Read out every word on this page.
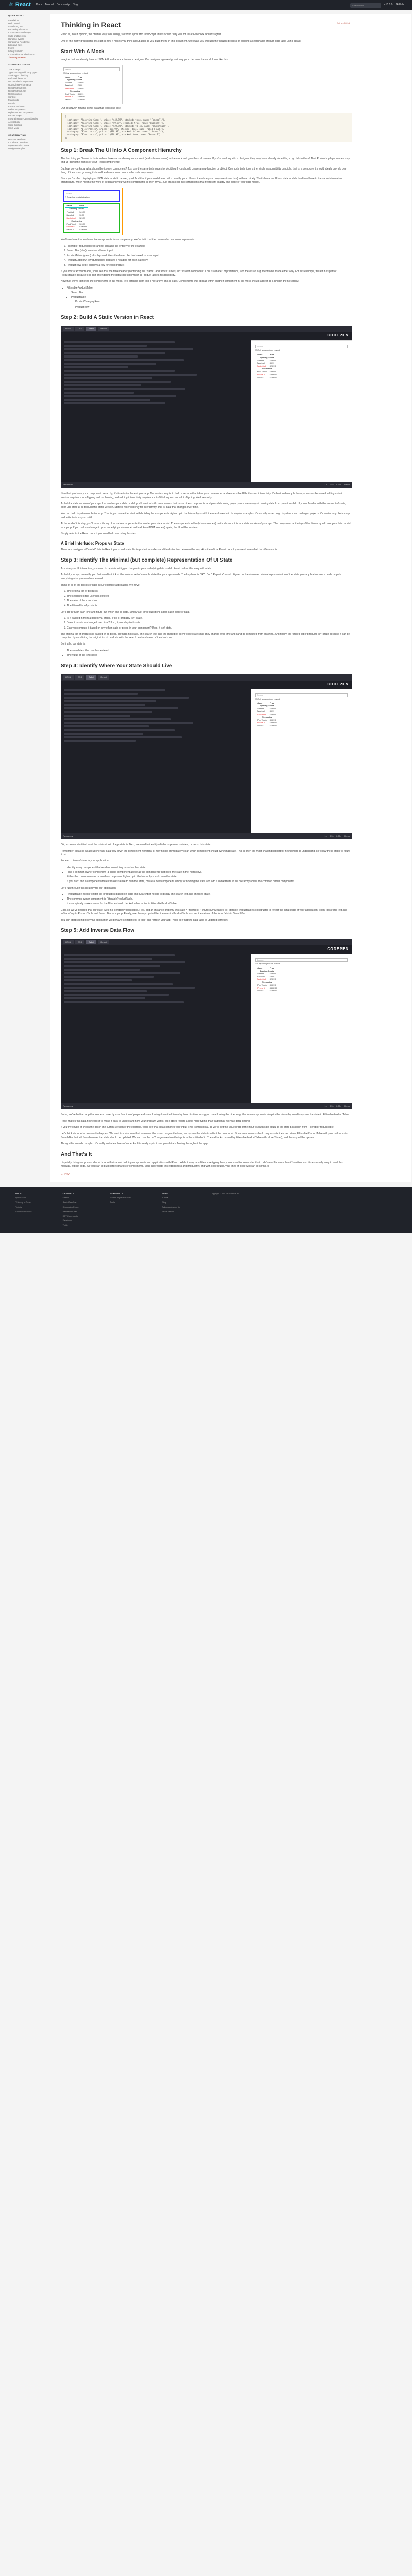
⚛ React Docs Tutorial Community Blog	Search docs	v16.0.0 GitHub
QUICK START
Installation
Hello World
Introducing JSX
Rendering Elements
Components and Props
State and Lifecycle
Handling Events
Conditional Rendering
Lists and Keys
Forms
Lifting State Up
Composition vs Inheritance
Thinking In React
ADVANCED GUIDES
JSX In Depth
Typechecking With PropTypes
Static Type Checking
Refs and the DOM
Uncontrolled Components
Optimizing Performance
React Without ES6
React Without JSX
Reconciliation
Context
Fragments
Portals
Error Boundaries
Web Components
Higher-Order Components
Render Props
Integrating with Other Libraries
Accessibility
Code-Splitting
Strict Mode
CONTRIBUTING
How to Contribute
Codebase Overview
Implementation Notes
Design Principles
Thinking in React	Edit on GitHub

React is, in our opinion, the premier way to build big, fast Web apps with JavaScript. It has scaled very well for us at Facebook and Instagram.

One of the many great parts of React is how it makes you think about apps as you build them. In this document, we'll walk you through the thought process of building a searchable product data table using React.

Start With A Mock

Imagine that we already have a JSON API and a mock from our designer. Our designer apparently isn't very good because the mock looks like this:

Search...
☐ Only show products in stock
Name	Price
Sporting Goods	
Football	$49.99
Baseball	$9.99
Basketball	$29.99
Electronics	
iPod Touch	$99.99
iPhone 5	$399.99
Nexus 7	$199.99

Our JSON API returns some data that looks like this:

[
{category: "Sporting Goods", price: "$49.99", stocked: true, name: "Football"},
{category: "Sporting Goods", price: "$9.99", stocked: true, name: "Baseball"},
{category: "Sporting Goods", price: "$29.99", stocked: false, name: "Basketball"},
{category: "Electronics", price: "$99.99", stocked: true, name: "iPod Touch"},
{category: "Electronics", price: "$399.99", stocked: false, name: "iPhone 5"},
{category: "Electronics", price: "$199.99", stocked: true, name: "Nexus 7"}
];
Step 1: Break The UI Into A Component Hierarchy

The first thing you'll want to do is to draw boxes around every component (and subcomponent) in the mock and give them all names. If you're working with a designer, they may have already done this, so go talk to them! Their Photoshop layer names may end up being the names of your React components!

But how do you know what should be its own component? Just use the same techniques for deciding if you should create a new function or object. One such technique is the single responsibility principle, that is, a component should ideally only do one thing. If it ends up growing, it should be decomposed into smaller subcomponents.

Since you're often displaying a JSON data model to a user, you'll find that if your model was built correctly, your UI (and therefore your component structure) will map nicely. That's because UI and data models tend to adhere to the same information architecture, which means the work of separating your UI into components is often trivial. Just break it up into components that represent exactly one piece of your data model.

Search...
☐ Only show products in stock
Name	Price
Sporting Goods	
Football	$49.99
Baseball	$9.99
Basketball	$29.99
Electronics	
iPod Touch	$99.99
iPhone 5	$399.99
Nexus 7	$199.99

You'll see here that we have five components in our simple app. We've italicized the data each component represents.

1. FilterableProductTable (orange): contains the entirety of the example
2. SearchBar (blue): receives all user input
3. ProductTable (green): displays and filters the data collection based on user input
4. ProductCategoryRow (turquoise): displays a heading for each category
5. ProductRow (red): displays a row for each product

If you look at ProductTable, you'll see that the table header (containing the "Name" and "Price" labels) isn't its own component. This is a matter of preference, and there's an argument to be made either way. For this example, we left it as part of ProductTable because it is part of rendering the data collection which is ProductTable's responsibility.

Now that we've identified the components in our mock, let's arrange them into a hierarchy. This is easy. Components that appear within another component in the mock should appear as a child in the hierarchy:

• FilterableProductTable
• SearchBar
• ProductTable
• ProductCategoryRow
• ProductRow
Step 2: Build A Static Version in React
HTML	CSS	Babel	Result

CODEPEN
Search...
☐ Only show products in stock
Name	Price
Sporting Goods	
Football	$49.99
Baseball	$9.99
Basketball	$29.99
Electronics	
iPod Touch	$99.99
iPhone 5	$399.99
Nexus 7	$199.99
Resources	1× 0.5× 0.25× Rerun

Now that you have your component hierarchy, it's time to implement your app. The easiest way is to build a version that takes your data model and renders the UI but has no interactivity. It's best to decouple these processes because building a static version requires a lot of typing and no thinking, and adding interactivity requires a lot of thinking and not a lot of typing. We'll see why.

To build a static version of your app that renders your data model, you'll want to build components that reuse other components and pass data using props. props are a way of passing data from parent to child. If you're familiar with the concept of state, don't use state at all to build this static version. State is reserved only for interactivity, that is, data that changes over time.

You can build top-down or bottom-up. That is, you can either start with building the components higher up in the hierarchy or with the ones lower in it. In simpler examples, it's usually easier to go top-down, and on larger projects, it's easier to go bottom-up and write tests as you build.

At the end of this step, you'll have a library of reusable components that render your data model. The components will only have render() methods since this is a static version of your app. The component at the top of the hierarchy will take your data model as a prop. If you make a change to your underlying data model and call ReactDOM.render() again, the UI will be updated.

Simply refer to the React docs if you need help executing this step.

A Brief Interlude: Props vs State

There are two types of "model" data in React: props and state. It's important to understand the distinction between the two; skim the official React docs if you aren't sure what the difference is.

Step 3: Identify The Minimal (but complete) Representation Of UI State

To make your UI interactive, you need to be able to trigger changes to your underlying data model. React makes this easy with state.

To build your app correctly, you first need to think of the minimal set of mutable state that your app needs. The key here is DRY: Don't Repeat Yourself. Figure out the absolute minimal representation of the state your application needs and compute everything else you need on-demand.

Think of all of the pieces of data in our example application. We have:

1. The original list of products
2. The search text the user has entered
3. The value of the checkbox
4. The filtered list of products

Let's go through each one and figure out which one is state. Simply ask three questions about each piece of data:

1. Is it passed in from a parent via props? If so, it probably isn't state.
2. Does it remain unchanged over time? If so, it probably isn't state.
3. Can you compute it based on any other state or props in your component? If so, it isn't state.

The original list of products is passed in as props, so that's not state. The search text and the checkbox seem to be state since they change over time and can't be computed from anything. And finally, the filtered list of products isn't state because it can be computed by combining the original list of products with the search text and value of the checkbox.

So finally, our state is:

• The search text the user has entered
• The value of the checkbox
Step 4: Identify Where Your State Should Live
HTML	CSS	Babel	Result

CODEPEN
Search...
☐ Only show products in stock
Name	Price
Sporting Goods	
Football	$49.99
Baseball	$9.99
Basketball	$29.99
Electronics	
iPod Touch	$99.99
iPhone 5	$399.99
Nexus 7	$199.99
Resources	1× 0.5× 0.25× Rerun

OK, so we've identified what the minimal set of app state is. Next, we need to identify which component mutates, or owns, this state.

Remember: React is all about one-way data flow down the component hierarchy. It may not be immediately clear which component should own what state. This is often the most challenging part for newcomers to understand, so follow these steps to figure it out:

For each piece of state in your application:

• Identify every component that renders something based on that state.
• Find a common owner component (a single component above all the components that need the state in the hierarchy).
• Either the common owner or another component higher up in the hierarchy should own the state.
• If you can't find a component where it makes sense to own the state, create a new component simply for holding the state and add it somewhere in the hierarchy above the common owner component.

Let's run through this strategy for our application:

• ProductTable needs to filter the product list based on state and SearchBar needs to display the search text and checked state.
• The common owner component is FilterableProductTable.
• It conceptually makes sense for the filter text and checked value to live in FilterableProductTable

Cool, so we've decided that our state lives in FilterableProductTable. First, add an instance property this.state = {filterText: '', inStockOnly: false} to FilterableProductTable's constructor to reflect the initial state of your application. Then, pass filterText and inStockOnly to ProductTable and SearchBar as a prop. Finally, use these props to filter the rows in ProductTable and set the values of the form fields in SearchBar.

You can start seeing how your application will behave: set filterText to "ball" and refresh your app. You'll see that the data table is updated correctly.

Step 5: Add Inverse Data Flow
HTML	CSS	Babel	Result

CODEPEN
Search...
☐ Only show products in stock
Name	Price
Sporting Goods	
Football	$49.99
Baseball	$9.99
Basketball	$29.99
Electronics	
iPod Touch	$99.99
iPhone 5	$399.99
Nexus 7	$199.99
Resources	1× 0.5× 0.25× Rerun

So far, we've built an app that renders correctly as a function of props and state flowing down the hierarchy. Now it's time to support data flowing the other way: the form components deep in the hierarchy need to update the state in FilterableProductTable.

React makes this data flow explicit to make it easy to understand how your program works, but it does require a little more typing than traditional two-way data binding.

If you try to type or check the box in the current version of the example, you'll see that React ignores your input. This is intentional, as we've set the value prop of the input to always be equal to the state passed in from FilterableProductTable.

Let's think about what we want to happen. We want to make sure that whenever the user changes the form, we update the state to reflect the user input. Since components should only update their own state, FilterableProductTable will pass callbacks to SearchBar that will fire whenever the state should be updated. We can use the onChange event on the inputs to be notified of it. The callbacks passed by FilterableProductTable will call setState(), and the app will be updated.

Though this sounds complex, it's really just a few lines of code. And it's really explicit how your data is flowing throughout the app.

And That's It

Hopefully, this gives you an idea of how to think about building components and applications with React. While it may be a little more typing than you're used to, remember that code's read far more than it's written, and it's extremely easy to read this modular, explicit code. As you start to build large libraries of components, you'll appreciate this explicitness and modularity, and with code reuse, your lines of code will start to shrink. :)

← Prev
DOCS
Quick Start
Thinking in React
Tutorial
Advanced Guides
CHANNELS
GitHub
Stack Overflow
Discussion Forum
Reactiflux Chat
DEV Community
Facebook
Twitter
COMMUNITY
Community Resources
Tools
MORE
Tutorial
Blog
Acknowledgements
React Native
Copyright © 2017 Facebook Inc.
